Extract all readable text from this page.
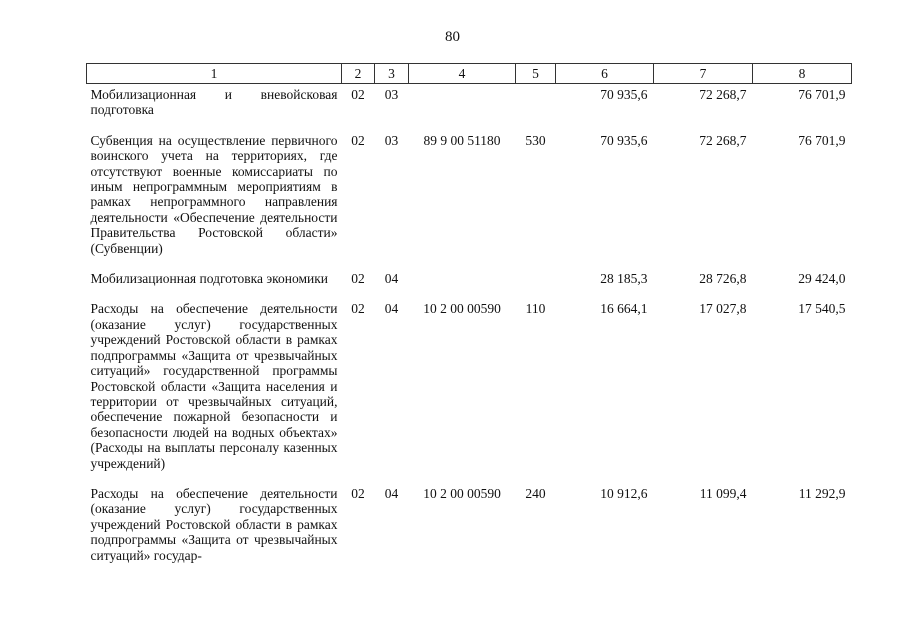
80
1	2	3	4	5	6	7	8
Мобилизационная и вневойсковая подготовка	02	03			70 935,6	72 268,7	76 701,9

Субвенция на осуществление первичного воинского учета на территориях, где отсутствуют военные комиссариаты по иным непрограммным мероприятиям в рамках непрограммного направления деятельности «Обеспечение деятельности Правительства Ростовской области» (Субвенции)	02	03	89 9 00 51180	530	70 935,6	72 268,7	76 701,9

Мобилизационная подготовка экономики	02	04			28 185,3	28 726,8	29 424,0

Расходы на обеспечение деятельности (оказание услуг) государственных учреждений Ростовской области в рамках подпрограммы «Защита от чрезвычайных ситуаций» государственной программы Ростовской области «Защита населения и территории от чрезвычайных ситуаций, обеспечение пожарной безопасности и безопасности людей на водных объектах» (Расходы на выплаты персоналу казенных учреждений)	02	04	10 2 00 00590	110	16 664,1	17 027,8	17 540,5

Расходы на обеспечение деятельности (оказание услуг) государственных учреждений Ростовской области в рамках подпрограммы «Защита от чрезвычайных ситуаций» государ-	02	04	10 2 00 00590	240	10 912,6	11 099,4	11 292,9
